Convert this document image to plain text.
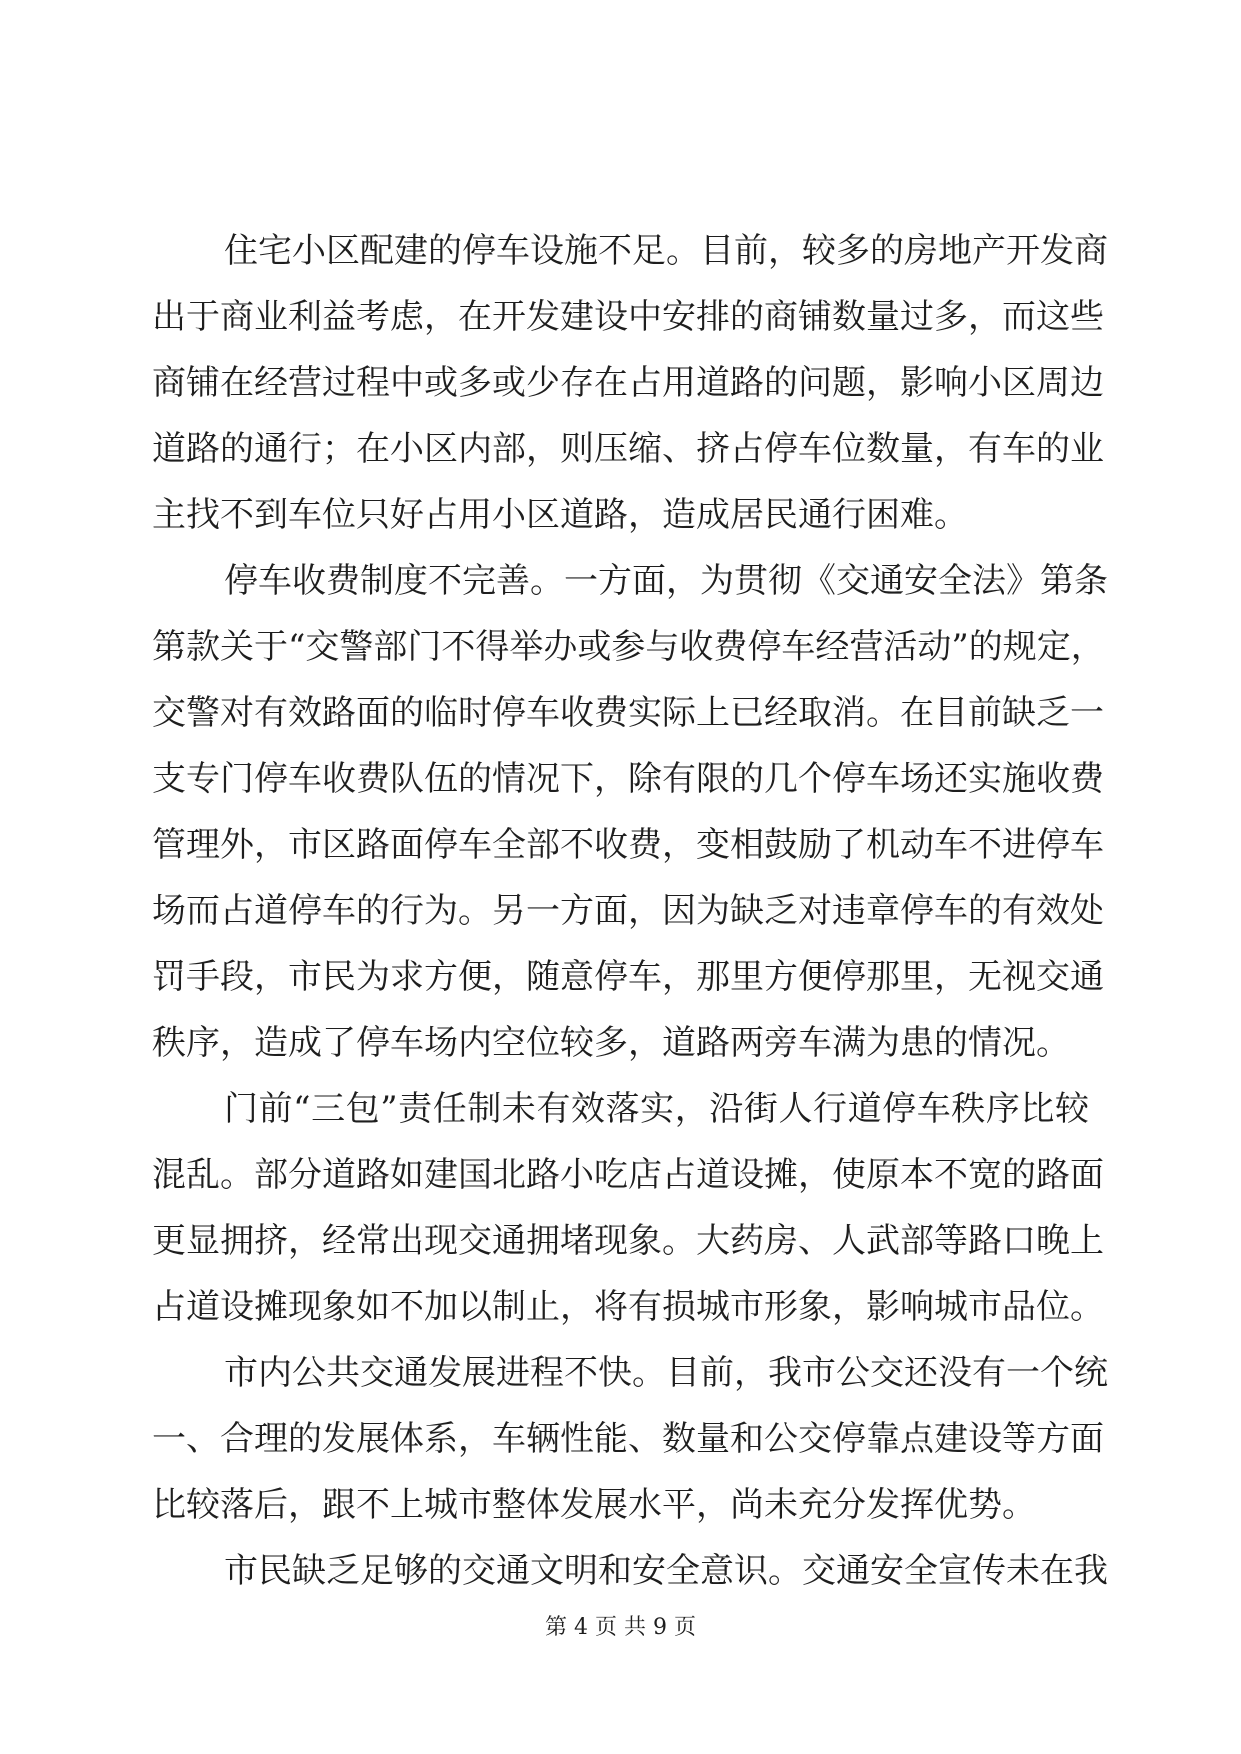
住宅小区配建的停车设施不足。目前，较多的房地产开发商
出于商业利益考虑，在开发建设中安排的商铺数量过多，而这些
商铺在经营过程中或多或少存在占用道路的问题，影响小区周边
道路的通行；在小区内部，则压缩、挤占停车位数量，有车的业
主找不到车位只好占用小区道路，造成居民通行困难。
停车收费制度不完善。一方面，为贯彻《交通安全法》第条
第款关于“交警部门不得举办或参与收费停车经营活动”的规定，
交警对有效路面的临时停车收费实际上已经取消。在目前缺乏一
支专门停车收费队伍的情况下，除有限的几个停车场还实施收费
管理外，市区路面停车全部不收费，变相鼓励了机动车不进停车
场而占道停车的行为。另一方面，因为缺乏对违章停车的有效处
罚手段，市民为求方便，随意停车，那里方便停那里，无视交通
秩序，造成了停车场内空位较多，道路两旁车满为患的情况。
门前“三包”责任制未有效落实，沿街人行道停车秩序比较
混乱。部分道路如建国北路小吃店占道设摊，使原本不宽的路面
更显拥挤，经常出现交通拥堵现象。大药房、人武部等路口晚上
占道设摊现象如不加以制止，将有损城市形象，影响城市品位。
市内公共交通发展进程不快。目前，我市公交还没有一个统
一、合理的发展体系，车辆性能、数量和公交停靠点建设等方面
比较落后，跟不上城市整体发展水平，尚未充分发挥优势。
市民缺乏足够的交通文明和安全意识。交通安全宣传未在我
第 4 页 共 9 页
